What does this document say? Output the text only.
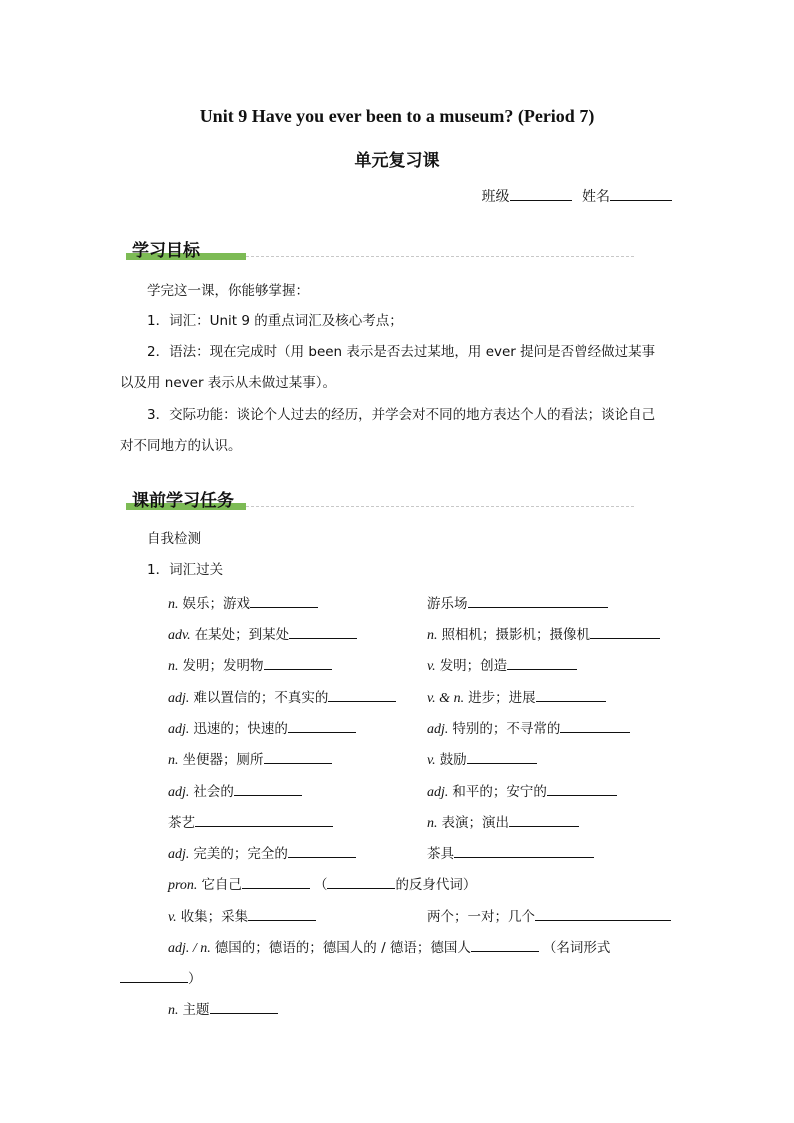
Unit 9 Have you ever been to a museum? (Period 7)
单元复习课
班级	姓名
学习目标
学完这一课，你能够掌握：
1．词汇：Unit 9 的重点词汇及核心考点；
2．语法：现在完成时（用 been 表示是否去过某地，用 ever 提问是否曾经做过某事
以及用 never 表示从未做过某事）。
3．交际功能：谈论个人过去的经历，并学会对不同的地方表达个人的看法；谈论自己
对不同地方的认识。
课前学习任务
自我检测
1．词汇过关
n. 娱乐；游戏	游乐场
adv. 在某处；到某处	n. 照相机；摄影机；摄像机
n. 发明；发明物	v. 发明；创造
adj. 难以置信的；不真实的	v. & n. 进步；进展
adj. 迅速的；快速的	adj. 特别的；不寻常的
n. 坐便器；厕所	v. 鼓励
adj. 社会的	adj. 和平的；安宁的
茶艺	n. 表演；演出
adj. 完美的；完全的	茶具
pron. 它自己	（	的反身代词）
v. 收集；采集	两个；一对；几个
adj. / n. 德国的；德语的；德国人的 / 德语；德国人	（名词形式
）
n. 主题
